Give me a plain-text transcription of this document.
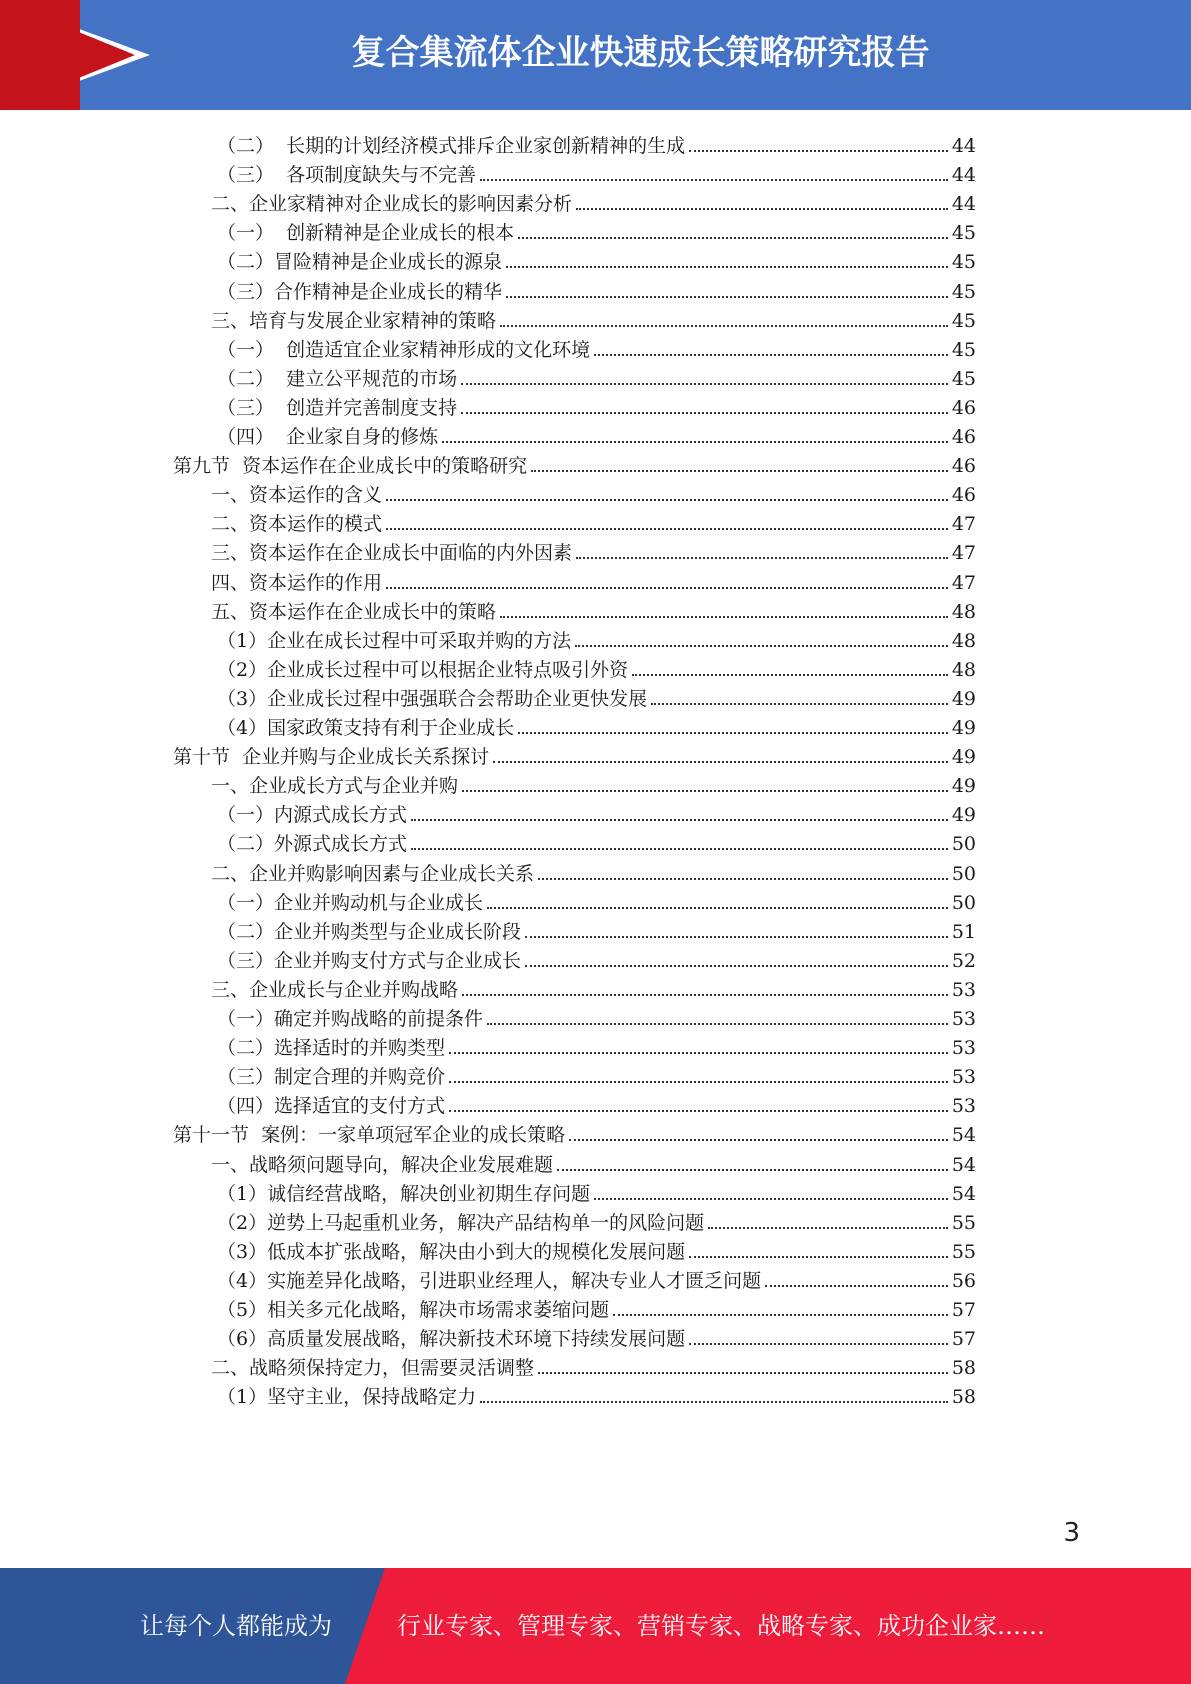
复合集流体企业快速成长策略研究报告
（二）  长期的计划经济模式排斥企业家创新精神的生成	44
（三）  各项制度缺失与不完善	44
二、企业家精神对企业成长的影响因素分析	44
（一）  创新精神是企业成长的根本	45
（二）冒险精神是企业成长的源泉	45
（三）合作精神是企业成长的精华	45
三、培育与发展企业家精神的策略	45
（一）  创造适宜企业家精神形成的文化环境	45
（二）  建立公平规范的市场	45
（三）  创造并完善制度支持	46
（四）  企业家自身的修炼	46
第九节  资本运作在企业成长中的策略研究	46
一、资本运作的含义	46
二、资本运作的模式	47
三、资本运作在企业成长中面临的内外因素	47
四、资本运作的作用	47
五、资本运作在企业成长中的策略	48
（1）企业在成长过程中可采取并购的方法	48
（2）企业成长过程中可以根据企业特点吸引外资	48
（3）企业成长过程中强强联合会帮助企业更快发展	49
（4）国家政策支持有利于企业成长	49
第十节  企业并购与企业成长关系探讨	49
一、企业成长方式与企业并购	49
（一）内源式成长方式	49
（二）外源式成长方式	50
二、企业并购影响因素与企业成长关系	50
（一）企业并购动机与企业成长	50
（二）企业并购类型与企业成长阶段	51
（三）企业并购支付方式与企业成长	52
三、企业成长与企业并购战略	53
（一）确定并购战略的前提条件	53
（二）选择适时的并购类型	53
（三）制定合理的并购竞价	53
（四）选择适宜的支付方式	53
第十一节  案例：一家单项冠军企业的成长策略	54
一、战略须问题导向，解决企业发展难题	54
（1）诚信经营战略，解决创业初期生存问题	54
（2）逆势上马起重机业务，解决产品结构单一的风险问题	55
（3）低成本扩张战略，解决由小到大的规模化发展问题	55
（4）实施差异化战略，引进职业经理人，解决专业人才匮乏问题	56
（5）相关多元化战略，解决市场需求萎缩问题	57
（6）高质量发展战略，解决新技术环境下持续发展问题	57
二、战略须保持定力，但需要灵活调整	58
（1）坚守主业，保持战略定力	58
3
让每个人都能成为	行业专家、管理专家、营销专家、战略专家、成功企业家……
